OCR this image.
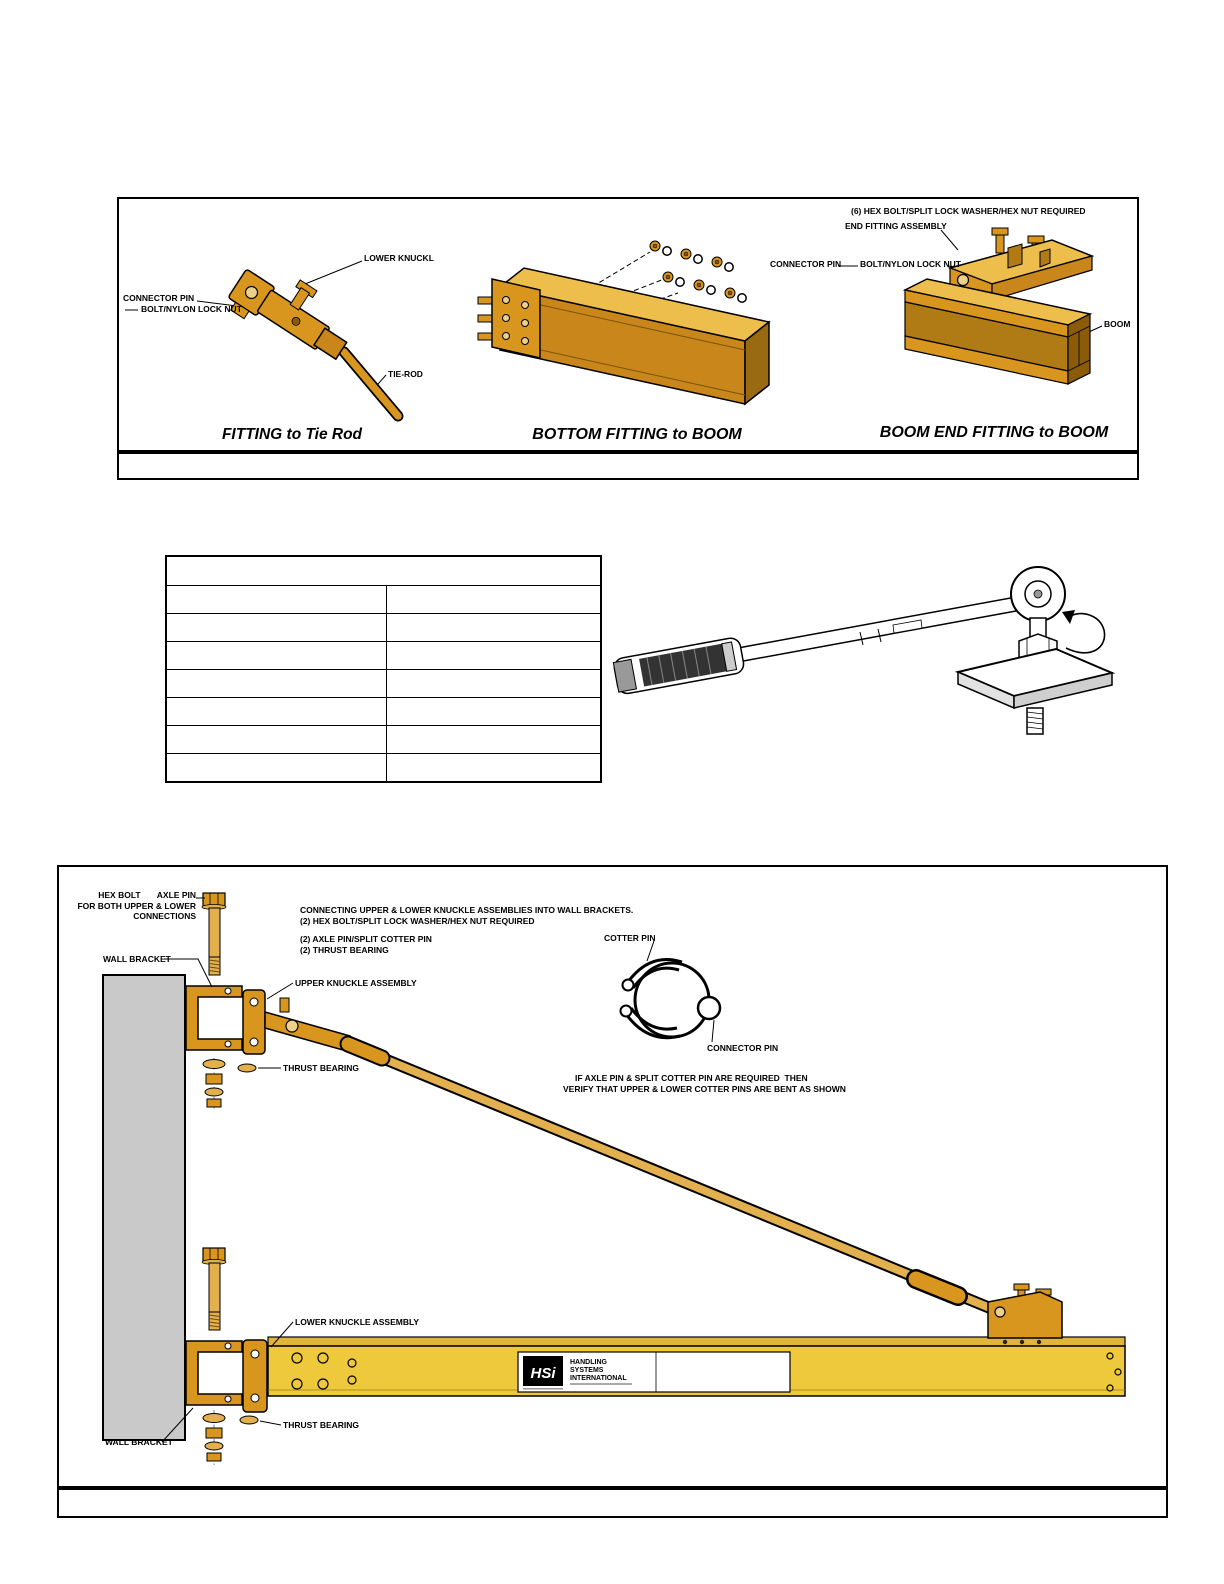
LOWER KNUCKL
CONNECTOR PIN
BOLT/NYLON LOCK NUT
TIE-ROD
FITTING to Tie Rod	BOTTOM FITTING to BOOM	BOOM END FITTING to BOOM
(6) HEX BOLT/SPLIT LOCK WASHER/HEX NUT REQUIRED
END FITTING ASSEMBLY
CONNECTOR PIN        BOLT/NYLON LOCK NUT
BOOM
HSi
HANDLING
SYSTEMS
INTERNATIONAL
HEX BOLT       AXLE PIN
FOR BOTH UPPER & LOWER
CONNECTIONS
WALL BRACKET
CONNECTING UPPER & LOWER KNUCKLE ASSEMBLIES INTO WALL BRACKETS.
(2) HEX BOLT/SPLIT LOCK WASHER/HEX NUT REQUIRED
(2) AXLE PIN/SPLIT COTTER PIN
(2) THRUST BEARING
COTTER PIN
CONNECTOR PIN
UPPER KNUCKLE ASSEMBLY
THRUST BEARING
IF AXLE PIN & SPLIT COTTER PIN ARE REQUIRED  THEN
VERIFY THAT UPPER & LOWER COTTER PINS ARE BENT AS SHOWN
LOWER KNUCKLE ASSEMBLY
THRUST BEARING
WALL BRACKET
